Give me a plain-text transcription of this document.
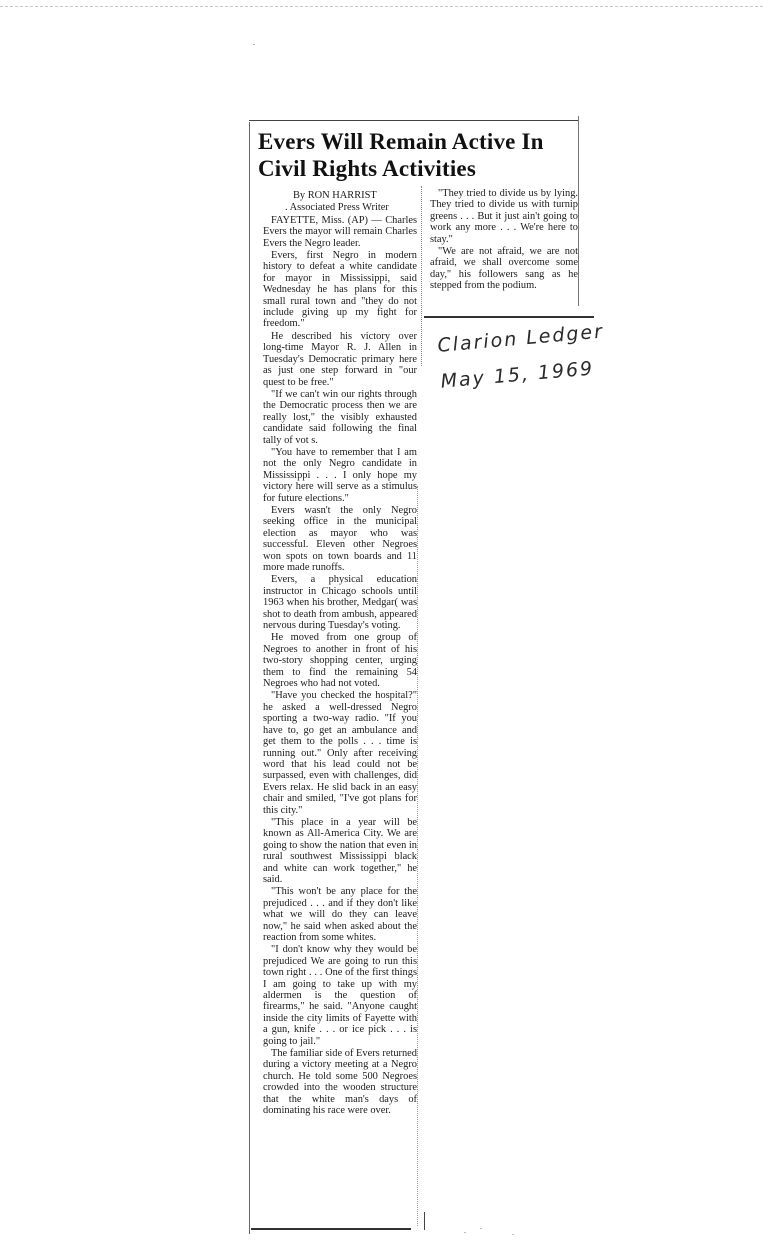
Evers Will Remain Active In Civil Rights Activities

By RON HARRIST

. Associated Press Writer

FAYETTE, Miss. (AP) — Charles Evers the mayor will remain Charles Evers the Negro leader.

Evers, first Negro in modern history to defeat a white candidate for mayor in Mississippi, said Wednesday he has plans for this small rural town and "they do not include giving up my fight for freedom."

He described his victory over long-time Mayor R. J. Allen in Tuesday's Democratic primary here as just one step forward in "our quest to be free."

"If we can't win our rights through the Democratic process then we are really lost," the visibly exhausted candidate said following the final tally of vot s.

"You have to remember that I am not the only Negro candidate in Mississippi . . . I only hope my victory here will serve as a stimulus for future elections."

Evers wasn't the only Negro seeking office in the municipal election as mayor who was successful. Eleven other Negroes won spots on town boards and 11 more made runoffs.

Evers, a physical education instructor in Chicago schools until 1963 when his brother, Medgar( was shot to death from ambush, appeared nervous during Tuesday's voting.

He moved from one group of Negroes to another in front of his two-story shopping center, urging them to find the remaining 54 Negroes who had not voted.

"Have you checked the hospital?" he asked a well-dressed Negro sporting a two-way radio. "If you have to, go get an ambulance and get them to the polls . . . time is running out." Only after receiving word that his lead could not be surpassed, even with challenges, did Evers relax. He slid back in an easy chair and smiled, "I've got plans for this city."

"This place in a year will be known as All-America City. We are going to show the nation that even in rural southwest Mississippi black and white can work together," he said.

"This won't be any place for the prejudiced . . . and if they don't like what we will do they can leave now," he said when asked about the reaction from some whites.

"I don't know why they would be prejudiced We are going to run this town right . . . One of the first things I am going to take up with my aldermen is the question of firearms," he said. "Anyone caught inside the city limits of Fayette with a gun, knife . . . or ice pick . . . is going to jail."

The familiar side of Evers returned during a victory meeting at a Negro church. He told some 500 Negroes crowded into the wooden structure that the white man's days of dominating his race were over.

"They tried to divide us by lying. They tried to divide us with turnip greens . . . But it just ain't going to work any more . . . We're here to stay."

"We are not afraid, we are not afraid, we shall overcome some day," his followers sang as he stepped from the podium.

Clarion Ledger
May 15, 1969
